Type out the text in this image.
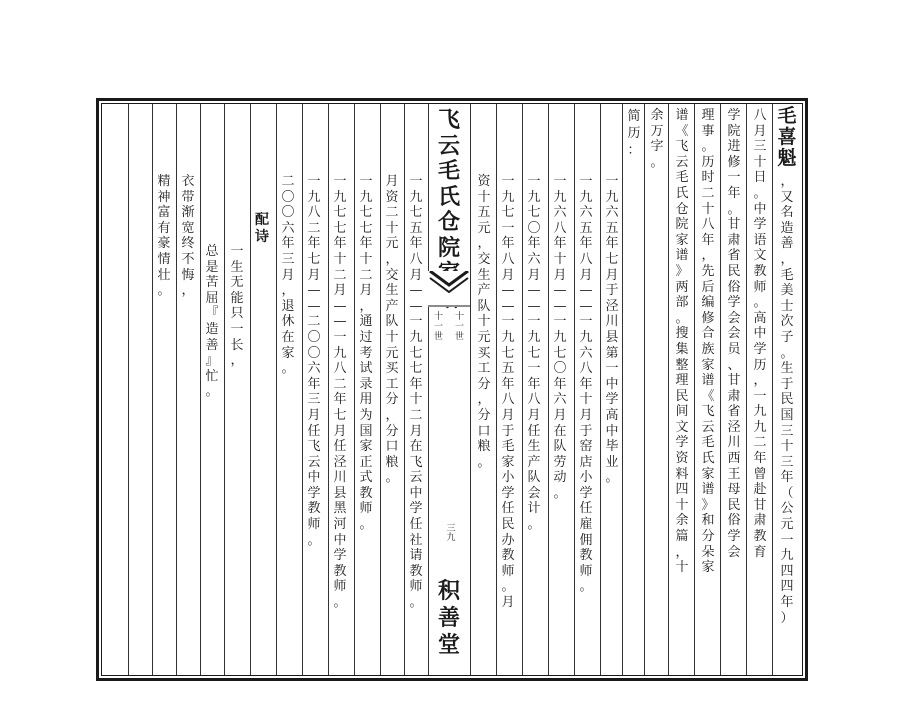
飞
云
毛
氏
仓
院
十
一
世
十
一
世
三九
积
善
堂
毛
喜
魁
，
又
名
造
善
，
毛
美
士
次
子
。
生
于
民
国
三
十
三
年
（
公
元
一
九
四
四
年
）
八
月
三
十
日
。
中
学
语
文
教
师
。
高
中
学
历
，
一
九
九
二
年
曾
赴
甘
肃
教
育
学
院
进
修
一
年
。
甘
肃
省
民
俗
学
会
会
员
、
甘
肃
省
泾
川
西
王
母
民
俗
学
会
理
事
。
历
时
二
十
八
年
，
先
后
编
修
合
族
家
谱
《
飞
云
毛
氏
家
谱
》
和
分
朵
家
谱
《
飞
云
毛
氏
仓
院
家
谱
》
两
部
。
搜
集
整
理
民
间
文
学
资
料
四
十
余
篇
，
十
余
万
字
。
简
历
：
一
九
六
五
年
七
月
于
泾
川
县
第
一
中
学
高
中
毕
业
。
一
九
六
五
年
八
月
—
—
一
九
六
八
年
十
月
于
窑
店
小
学
任
雇
佣
教
师
。
一
九
六
八
年
十
月
—
—
一
九
七
〇
年
六
月
在
队
劳
动
。
一
九
七
〇
年
六
月
—
—
一
九
七
一
年
八
月
任
生
产
队
会
计
。
一
九
七
一
年
八
月
—
—
一
九
七
五
年
八
月
于
毛
家
小
学
任
民
办
教
师
。
月
资
十
五
元
，
交
生
产
队
十
元
买
工
分
，
分
口
粮
。
一
九
七
五
年
八
月
—
—
一
九
七
七
年
十
二
月
在
飞
云
中
学
任
社
请
教
师
。
月
资
二
十
元
，
交
生
产
队
十
元
买
工
分
，
分
口
粮
。
一
九
七
七
年
十
二
月
，
通
过
考
试
录
用
为
国
家
正
式
教
师
。
一
九
七
七
年
十
二
月
—
—
一
九
八
二
年
七
月
任
泾
川
县
黑
河
中
学
教
师
。
一
九
八
二
年
七
月
—
—
二
〇
〇
六
年
三
月
任
飞
云
中
学
教
师
。
二
〇
〇
六
年
三
月
，
退
休
在
家
。
配
诗
一
生
无
能
只
一
长
，
总
是
苦
屈
『
造
善
』
忙
。
衣
带
渐
宽
终
不
悔
，
精
神
富
有
豪
情
壮
。
